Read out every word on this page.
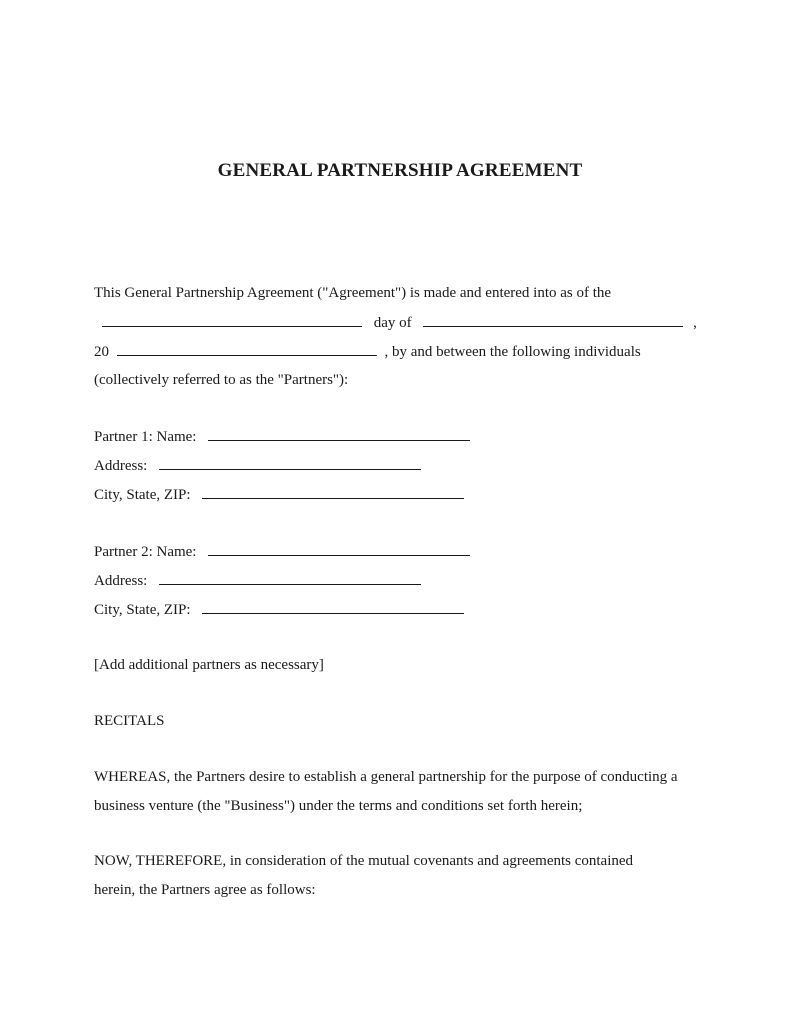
GENERAL PARTNERSHIP AGREEMENT
This General Partnership Agreement ("Agreement") is made and entered into as of the
day of	,
20	, by and between the following individuals
(collectively referred to as the "Partners"):
Partner 1: Name:
Address:
City, State, ZIP:
Partner 2: Name:
Address:
City, State, ZIP:
[Add additional partners as necessary]
RECITALS
WHEREAS, the Partners desire to establish a general partnership for the purpose of conducting a
business venture (the "Business") under the terms and conditions set forth herein;
NOW, THEREFORE, in consideration of the mutual covenants and agreements contained
herein, the Partners agree as follows:
